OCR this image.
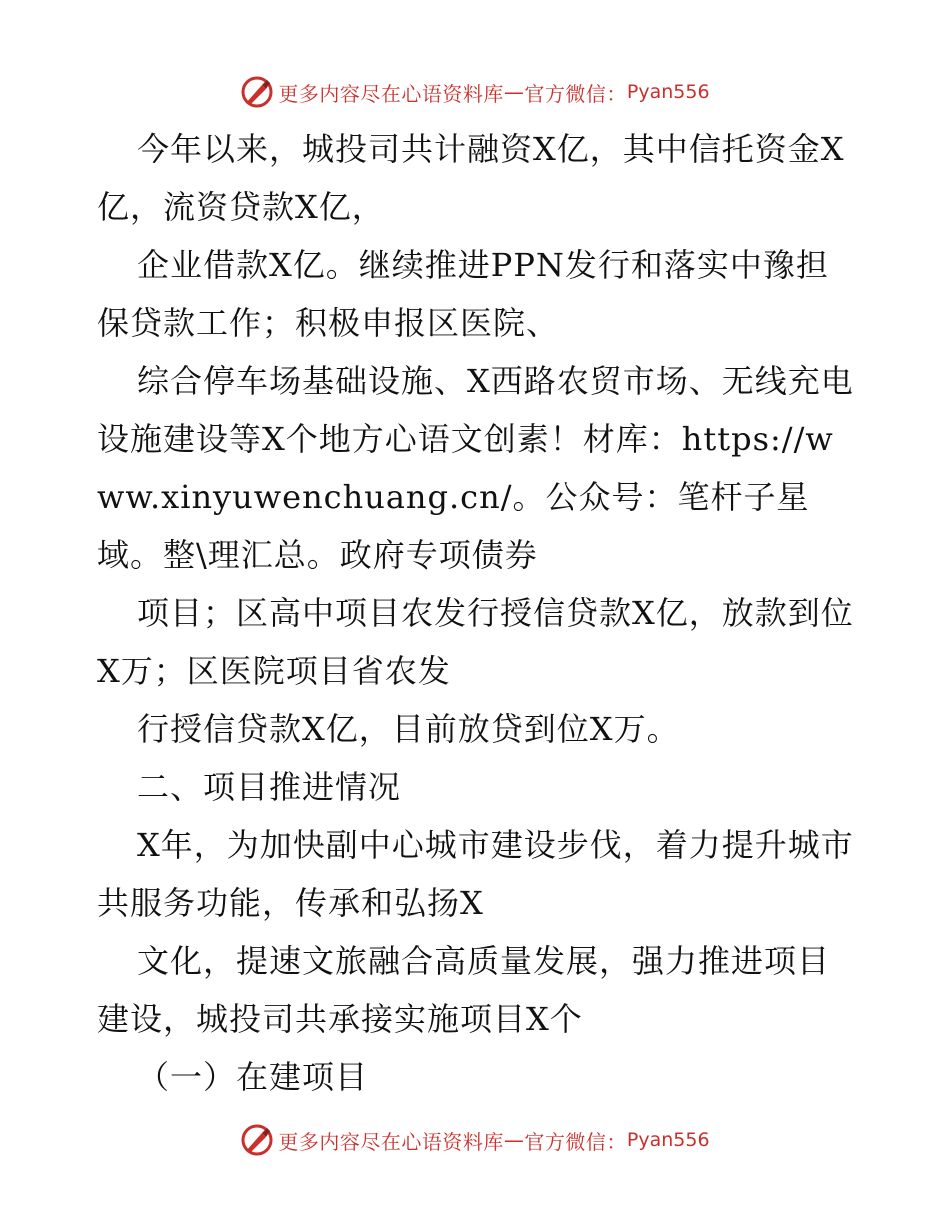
更多内容尽在心语资料库 — 官方微信： Pyan556

今年以来，城投司共计融资X亿，其中信托资金X亿，流资贷款X亿，

企业借款X亿。继续推进PPN发行和落实中豫担保贷款工作；积极申报区医院、

综合停车场基础设施、X西路农贸市场、无线充电设施建设等X个地方心语文创素！材库：https://www.xinyuwenchuang.cn/。公众号：笔杆子星域。整\理汇总。政府专项债券

项目；区高中项目农发行授信贷款X亿，放款到位X万；区医院项目省农发

行授信贷款X亿，目前放贷到位X万。

二、项目推进情况

X年，为加快副中心城市建设步伐，着力提升城市共服务功能，传承和弘扬X

文化，提速文旅融合高质量发展，强力推进项目建设，城投司共承接实施项目X个

（一）在建项目

更多内容尽在心语资料库 — 官方微信： Pyan556
